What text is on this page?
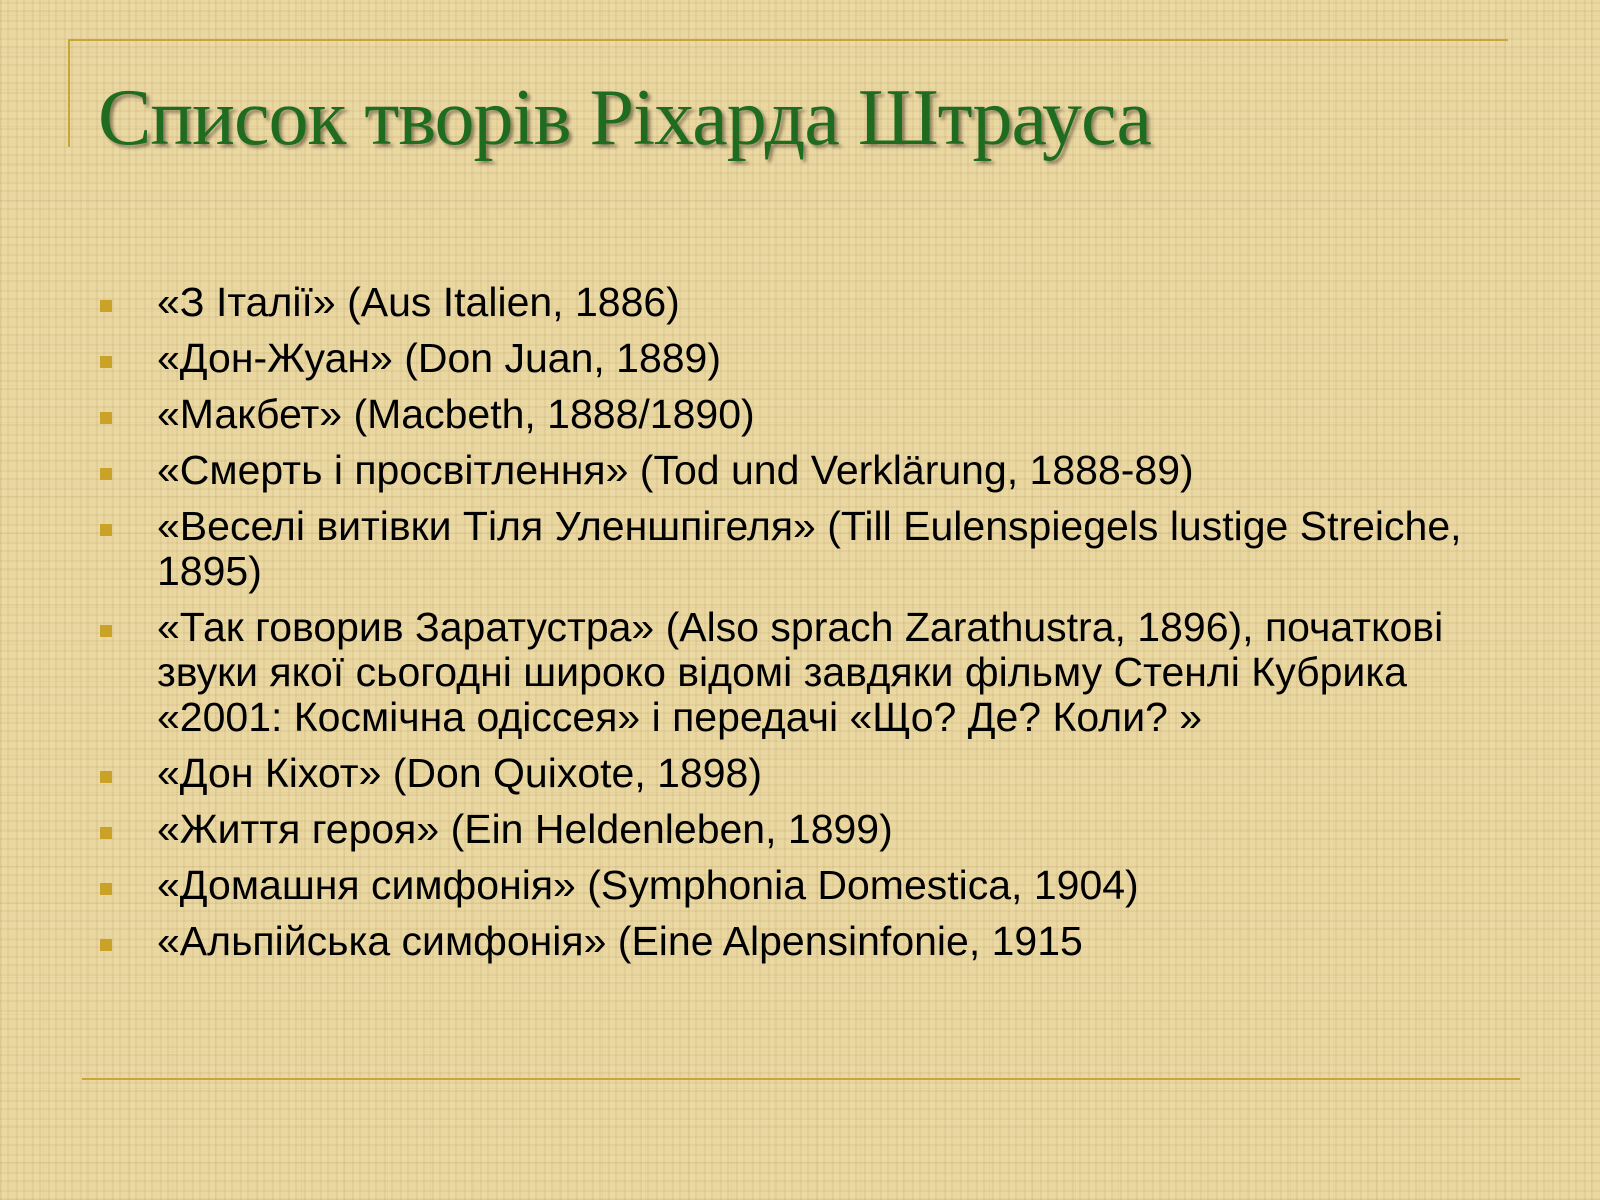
Список творів Ріхарда Штрауса
«З Італії» (Aus Italien, 1886)
«Дон-Жуан» (Don Juan, 1889)
«Макбет» (Macbeth, 1888/1890)
«Смерть і просвітлення» (Tod und Verklärung, 1888-89)
«Веселі витівки Тіля Уленшпігеля» (Till Eulenspiegels lustige Streiche, 1895)
«Так говорив Заратустра» (Also sprach Zarathustra, 1896), початкові звуки якої сьогодні широко відомі завдяки фільму Стенлі Кубрика «2001: Космічна одіссея» і передачі «Що? Де? Коли? »
«Дон Кіхот» (Don Quixote, 1898)
«Життя героя» (Ein Heldenleben, 1899)
«Домашня симфонія» (Symphonia Domestica, 1904)
«Альпійська симфонія» (Eine Alpensinfonie, 1915
